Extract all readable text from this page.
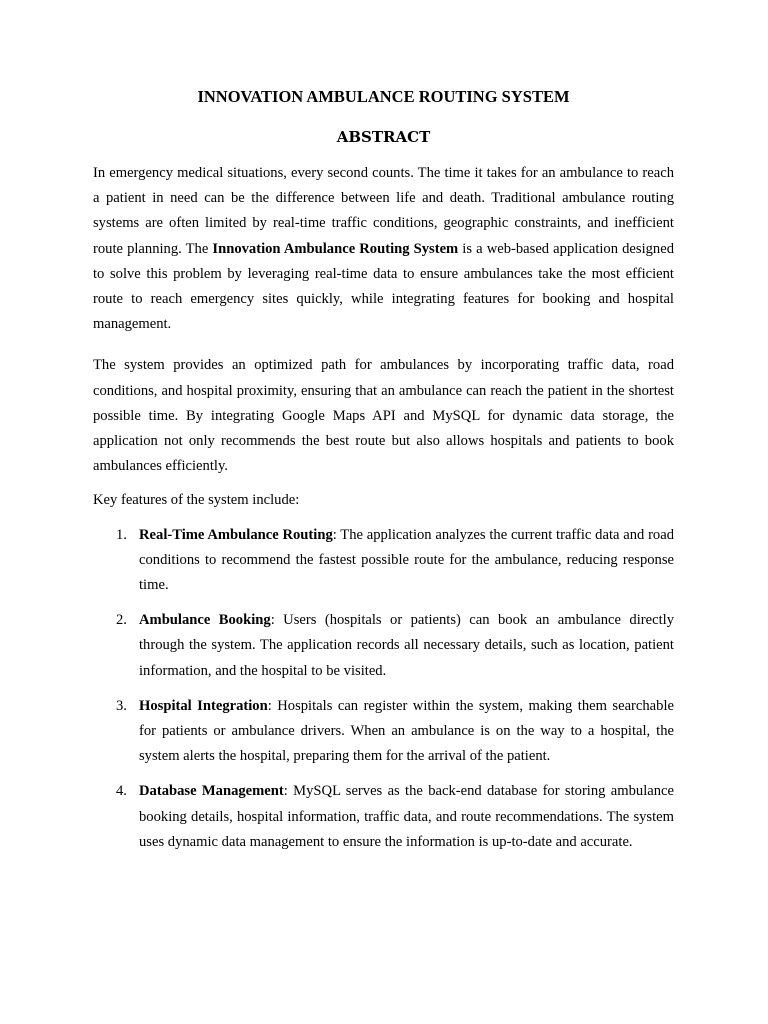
INNOVATION AMBULANCE ROUTING SYSTEM
ABSTRACT

In emergency medical situations, every second counts. The time it takes for an ambulance to reach a patient in need can be the difference between life and death. Traditional ambulance routing systems are often limited by real-time traffic conditions, geographic constraints, and inefficient route planning. The Innovation Ambulance Routing System is a web-based application designed to solve this problem by leveraging real-time data to ensure ambulances take the most efficient route to reach emergency sites quickly, while integrating features for booking and hospital management.

The system provides an optimized path for ambulances by incorporating traffic data, road conditions, and hospital proximity, ensuring that an ambulance can reach the patient in the shortest possible time. By integrating Google Maps API and MySQL for dynamic data storage, the application not only recommends the best route but also allows hospitals and patients to book ambulances efficiently.

Key features of the system include:

1. Real-Time Ambulance Routing: The application analyzes the current traffic data and road conditions to recommend the fastest possible route for the ambulance, reducing response time.
2. Ambulance Booking: Users (hospitals or patients) can book an ambulance directly through the system. The application records all necessary details, such as location, patient information, and the hospital to be visited.
3. Hospital Integration: Hospitals can register within the system, making them searchable for patients or ambulance drivers. When an ambulance is on the way to a hospital, the system alerts the hospital, preparing them for the arrival of the patient.
4. Database Management: MySQL serves as the back-end database for storing ambulance booking details, hospital information, traffic data, and route recommendations. The system uses dynamic data management to ensure the information is up-to-date and accurate.
